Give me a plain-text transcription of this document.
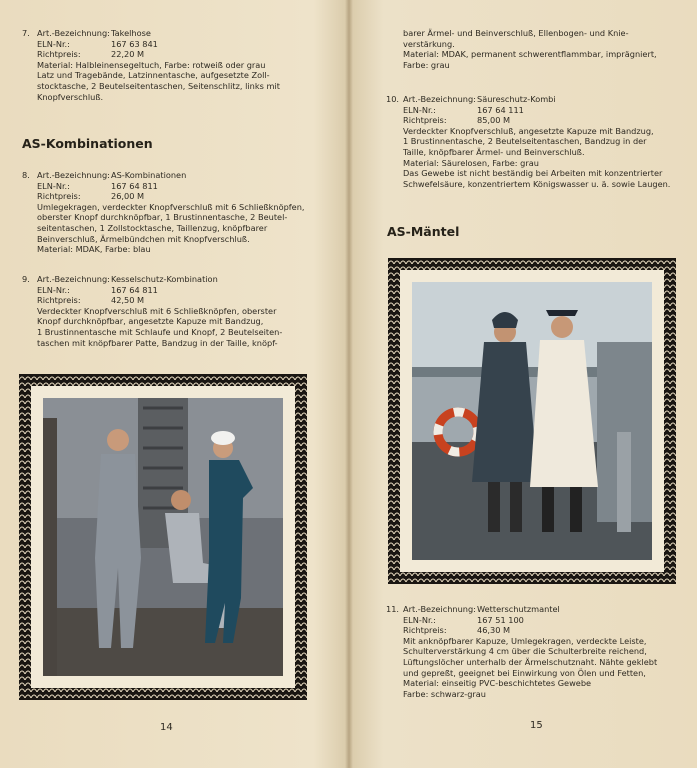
7. Art.-Bezeichnung: Takelhose
ELN-Nr.:	167 63 841
Richtpreis:	22,20 M
Material: Halbleinensegeltuch, Farbe: rotweiß oder grau
Latz und Tragebände, Latzinnentasche, aufgesetzte Zoll-
stocktasche, 2 Beutelseitentaschen, Seitenschlitz, links mit
Knopfverschluß.
AS-Kombinationen
8. Art.-Bezeichnung: AS-Kombinationen
ELN-Nr.:	167 64 811
Richtpreis:	26,00 M
Umlegekragen, verdeckter Knopfverschluß mit 6 Schließknöpfen,
oberster Knopf durchknöpfbar, 1 Brustinnentasche, 2 Beutel-
seitentaschen, 1 Zollstocktasche, Taillenzug, knöpfbarer
Beinverschluß, Ärmelbündchen mit Knopfverschluß.
Material: MDAK, Farbe: blau
9. Art.-Bezeichnung: Kesselschutz-Kombination
ELN-Nr.:	167 64 811
Richtpreis:	42,50 M
Verdeckter Knopfverschluß mit 6 Schließknöpfen, oberster
Knopf durchknöpfbar, angesetzte Kapuze mit Bandzug,
1 Brustinnentasche mit Schlaufe und Knopf, 2 Beutelseiten-
taschen mit knöpfbarer Patte, Bandzug in der Taille, knöpf-
14
barer Ärmel- und Beinverschluß, Ellenbogen- und Knie-
verstärkung.
Material: MDAK, permanent schwerentflammbar, imprägniert,
Farbe: grau
10. Art.-Bezeichnung: Säureschutz-Kombi
ELN-Nr.:	167 64 111
Richtpreis:	85,00 M
Verdeckter Knopfverschluß, angesetzte Kapuze mit Bandzug,
1 Brustinnentasche, 2 Beutelseitentaschen, Bandzug in der
Taille, knöpfbarer Ärmel- und Beinverschluß.
Material: Säurelosen, Farbe: grau
Das Gewebe ist nicht beständig bei Arbeiten mit konzentrierter
Schwefelsäure, konzentriertem Königswasser u. ä. sowie Laugen.
AS-Mäntel
11. Art.-Bezeichnung: Wetterschutzmantel
ELN-Nr.:	167 51 100
Richtpreis:	46,30 M
Mit anknöpfbarer Kapuze, Umlegekragen, verdeckte Leiste,
Schulterverstärkung 4 cm über die Schulterbreite reichend,
Lüftungslöcher unterhalb der Ärmelschutznaht. Nähte geklebt
und gepreßt, geeignet bei Einwirkung von Ölen und Fetten,
Material: einseitig PVC-beschichtetes Gewebe
Farbe: schwarz-grau
15
